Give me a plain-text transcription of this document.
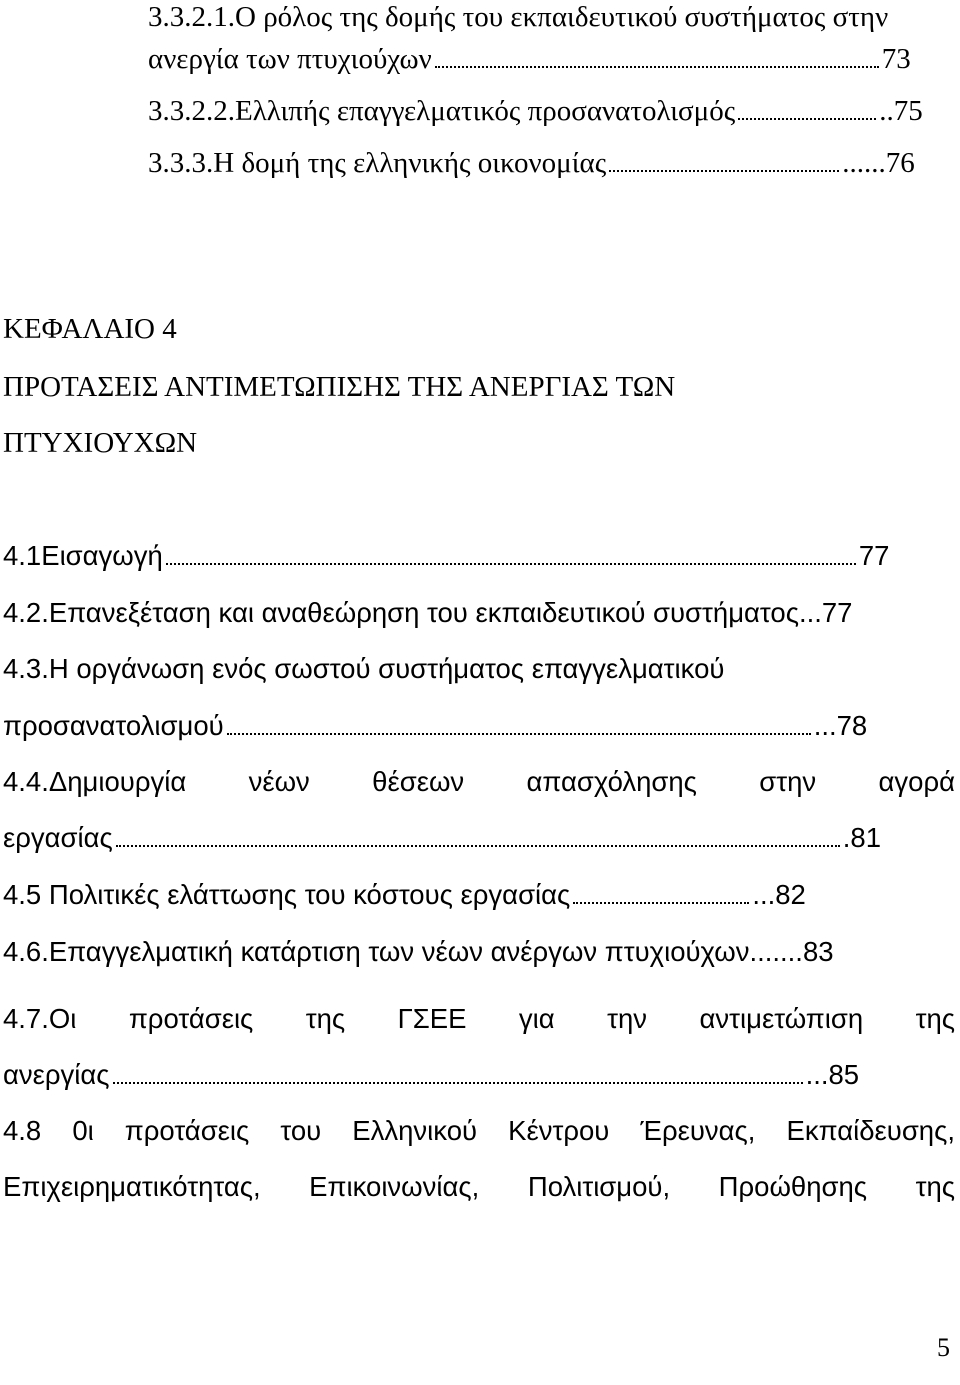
3.3.2.1.Ο ρόλος της δομής του εκπαιδευτικού συστήματος στην
ανεργία των πτυχιούχων	73
3.3.2.2.Ελλιπής επαγγελματικός προσανατολισμός	..75
3.3.3.Η δομή της ελληνικής οικονομίας	......76
ΚΕΦΑΛΑΙΟ 4
ΠΡΟΤΑΣΕΙΣ ΑΝΤΙΜΕΤΩΠΙΣΗΣ ΤΗΣ ΑΝΕΡΓΙΑΣ ΤΩΝ
ΠΤΥΧΙΟΥΧΩΝ
4.1Εισαγωγή	77
4.2.Επανεξέταση και αναθεώρηση του εκπαιδευτικού συστήματος...77
4.3.Η οργάνωση ενός σωστού συστήματος επαγγελματικού
προσανατολισμού	...78
4.4.Δημιουργία νέων θέσεων απασχόλησης στην αγορά
εργασίας	.81
4.5 Πολιτικές ελάττωσης του κόστους εργασίας	...82
4.6.Επαγγελματική κατάρτιση των νέων ανέργων πτυχιούχων.......83
4.7.Οι προτάσεις της ΓΣΕΕ για την αντιμετώπιση της
ανεργίας	...85
4.8 0ι προτάσεις του Ελληνικού Κέντρου Έρευνας, Εκπαίδευσης,
Επιχειρηματικότητας, Επικοινωνίας, Πολιτισμού, Προώθησης της
5
